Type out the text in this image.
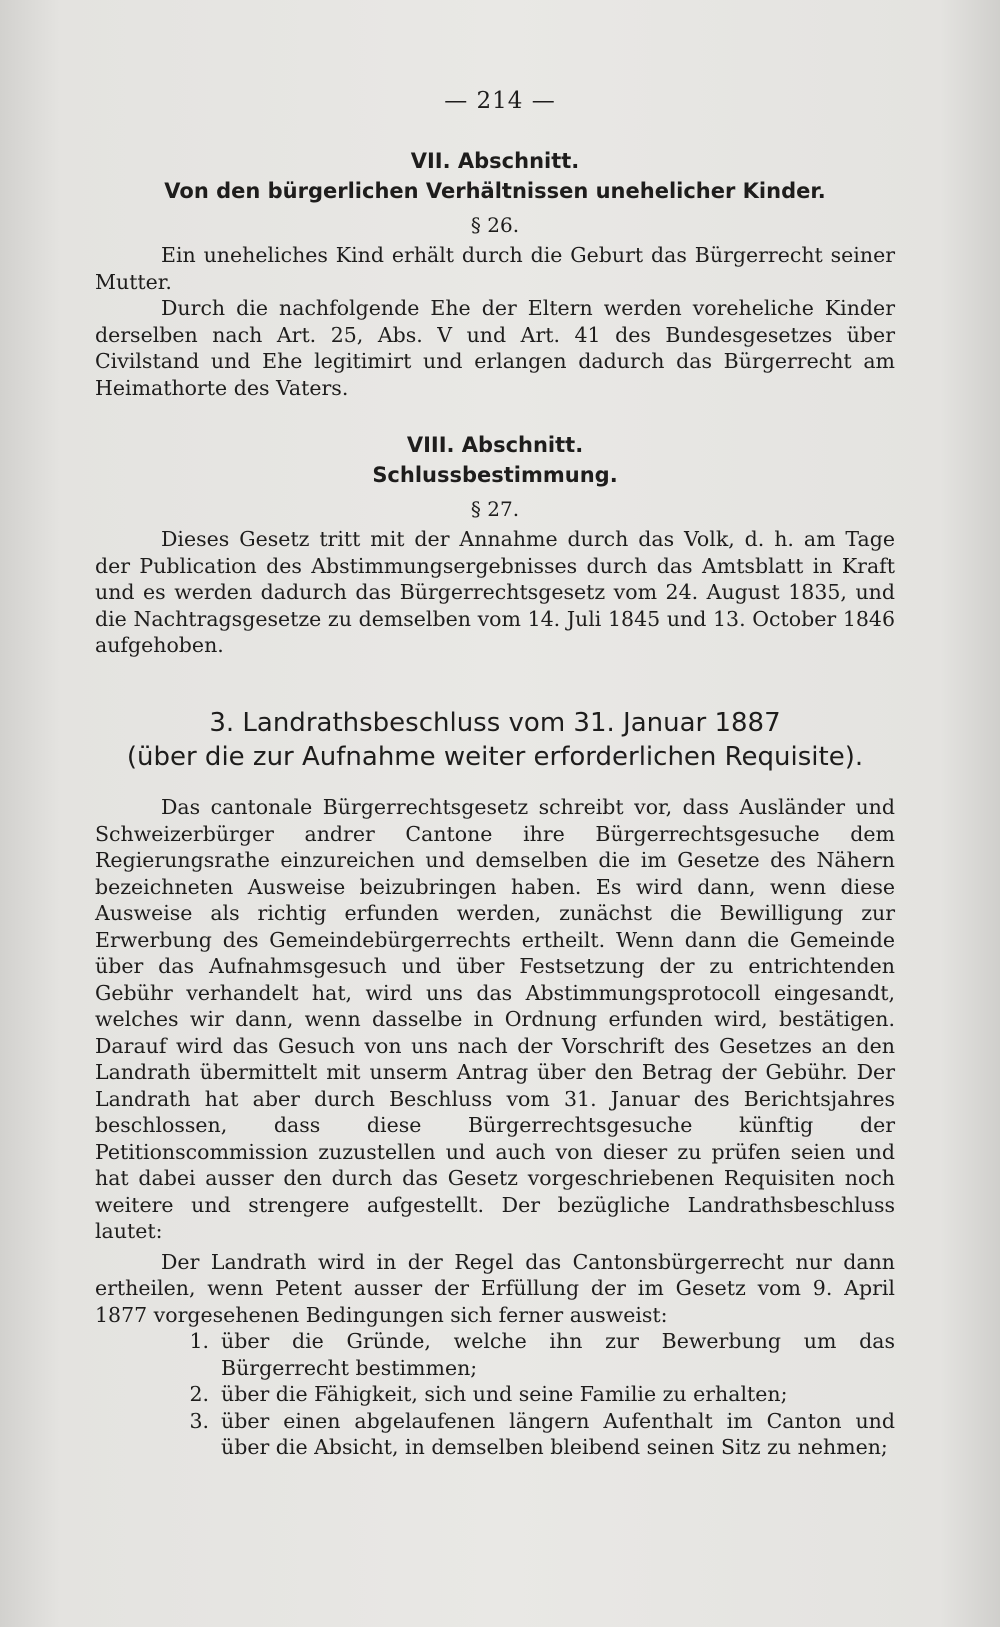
— 214 —

VII. Abschnitt.

Von den bürgerlichen Verhältnissen unehelicher Kinder.

§ 26.

Ein uneheliches Kind erhält durch die Geburt das Bürgerrecht seiner Mutter.

Durch die nachfolgende Ehe der Eltern werden voreheliche Kinder derselben nach Art. 25, Abs. V und Art. 41 des Bundesgesetzes über Civilstand und Ehe legitimirt und erlangen dadurch das Bürgerrecht am Heimathorte des Vaters.

VIII. Abschnitt.

Schlussbestimmung.

§ 27.

Dieses Gesetz tritt mit der Annahme durch das Volk, d. h. am Tage der Publication des Abstimmungsergebnisses durch das Amtsblatt in Kraft und es werden dadurch das Bürgerrechtsgesetz vom 24. August 1835, und die Nachtragsgesetze zu demselben vom 14. Juli 1845 und 13. October 1846 aufgehoben.

3. Landrathsbeschluss vom 31. Januar 1887

(über die zur Aufnahme weiter erforderlichen Requisite).

Das cantonale Bürgerrechtsgesetz schreibt vor, dass Ausländer und Schweizerbürger andrer Cantone ihre Bürgerrechtsgesuche dem Regierungsrathe einzureichen und demselben die im Gesetze des Nähern bezeichneten Ausweise beizubringen haben. Es wird dann, wenn diese Ausweise als richtig erfunden werden, zunächst die Bewilligung zur Erwerbung des Gemeindebürgerrechts ertheilt. Wenn dann die Gemeinde über das Aufnahmsgesuch und über Festsetzung der zu entrichtenden Gebühr verhandelt hat, wird uns das Abstimmungsprotocoll eingesandt, welches wir dann, wenn dasselbe in Ordnung erfunden wird, bestätigen. Darauf wird das Gesuch von uns nach der Vorschrift des Gesetzes an den Landrath übermittelt mit unserm Antrag über den Betrag der Gebühr. Der Landrath hat aber durch Beschluss vom 31. Januar des Berichtsjahres beschlossen, dass diese Bürgerrechtsgesuche künftig der Petitionscommission zuzustellen und auch von dieser zu prüfen seien und hat dabei ausser den durch das Gesetz vorgeschriebenen Requisiten noch weitere und strengere aufgestellt. Der bezügliche Landrathsbeschluss lautet:

Der Landrath wird in der Regel das Cantonsbürgerrecht nur dann ertheilen, wenn Petent ausser der Erfüllung der im Gesetz vom 9. April 1877 vorgesehenen Bedingungen sich ferner ausweist:

1. über die Gründe, welche ihn zur Bewerbung um das Bürgerrecht bestimmen;
2. über die Fähigkeit, sich und seine Familie zu erhalten;
3. über einen abgelaufenen längern Aufenthalt im Canton und über die Absicht, in demselben bleibend seinen Sitz zu nehmen;
